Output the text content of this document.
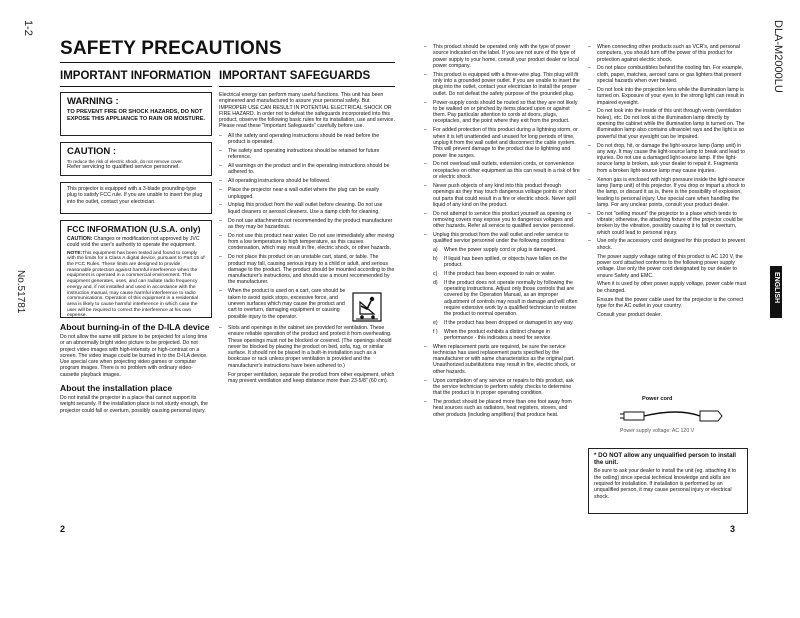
1-2
No.51781
DLA-M2000LU
ENGLISH
SAFETY PRECAUTIONS
IMPORTANT INFORMATION IMPORTANT SAFEGUARDS
WARNING :
TO PREVENT FIRE OR SHOCK HAZARDS, DO NOT EXPOSE THIS APPLIANCE TO RAIN OR MOISTURE.
CAUTION :
To reduce the risk of electric shock, do not remove cover.
Refer servicing to qualified service personnel.
This projector is equipped with a 3-blade grounding-type plug to satisfy FCC rule. If you are unable to insert the plug into the outlet, contact your electrician.
FCC INFORMATION (U.S.A. only)
CAUTION: Changes or modification not approved by JVC could void the user's authority to operate the equipment.
NOTE:This equipment has been tested and found to comply with the limits for a Class A digital device, pursuant to Part 15 of the FCC Rules. These limits are designed to provide reasonable protection against harmful interference when the equipment is operated in a commercial environment. This equipment generates, uses, and can radiate radio frequency energy and, if not installed and used in accordance with the instruction manual, may cause harmful interference to radio communications. Operation of this equipment in a residential area is likely to cause harmful interference in which case the user will be required to correct the interference at his own expense.
About burning-in of the D-ILA device
Do not allow the same still picture to be projected for a long time or an abnormally bright video picture to be projected. Do not project video images with high-intensity or high-contrast on a screen. The video image could be burned in to the D-ILA device. Use special care when projecting video games or computer program images. There is no problem with ordinary video-cassette playback images.
About the installation place
Do not install the projector in a place that cannot support its weight securely. If the installation place is not sturdy enough, the projector could fall or overturn, possibly causing personal injury.
Electrical energy can perform many useful functions. This unit has been engineered and manufactured to assure your personal safety. But IMPROPER USE CAN RESULT IN POTENTIAL ELECTRICAL SHOCK OR FIRE HAZARD. In order not to defeat the safeguards incorporated into this product, observe the following basic rules for its installation, use and service. Please read these "Important Safeguards" carefully before use.
–	All the safety and operating instructions should be read before the product is operated.
–	The safety and operating instructions should be retained for future reference.
–	All warnings on the product and in the operating instructions should be adhered to.
–	All operating instructions should be followed.
–	Place the projector near a wall outlet where the plug can be easily unplugged.
–	Unplug this product from the wall outlet before cleaning. Do not use liquid cleaners or aerosol cleaners. Use a damp cloth for cleaning.
–	Do not use attachments not recommended by the product manufacturer as they may be hazardous.
–	Do not use this product near water. Do not use immediately after moving from a low temperature to high temperature, as this causes condensation, which may result in fire, electric shock, or other hazards.
–	Do not place this product on an unstable cart, stand, or table. The product may fall, causing serious injury to a child or adult, and serious damage to the product. The product should be mounted according to the manufacturer's instructions, and should use a mount recommended by the manufacturer.
–	When the product is used on a cart, care should be taken to avoid quick stops, excessive force, and uneven surfaces which may cause the product and cart to overturn, damaging equipment or causing possible injury to the operator.
–	Slots and openings in the cabinet are provided for ventilation. These ensure reliable operation of the product and protect it from overheating. These openings must not be blocked or covered. (The openings should never be blocked by placing the product on bed, sofa, rug, or similar surface. It should not be placed in a built-in installation such as a bookcase or rack unless proper ventilation is provided and the manufacturer's instructions have been adhered to.)
For proper ventilation, separate the product from other equipment, which may prevent ventilation and keep distance more than 23-5/8" (60 cm).
2
–	This product should be operated only with the type of power source indicated on the label. If you are not sure of the type of power supply to your home, consult your product dealer or local power company.
–	This product is equipped with a three-wire plug. This plug will fit only into a grounded power outlet. If you are unable to insert the plug into the outlet, contact your electrician to install the proper outlet. Do not defeat the safety purpose of the grounded plug.
–	Power-supply cords should be routed so that they are not likely to be walked on or pinched by items placed upon or against them. Pay particular attention to cords at doors, plugs, receptacles, and the point where they exit from the product.
–	For added protection of this product during a lightning storm, or when it is left unattended and unused for long periods of time, unplug it from the wall outlet and disconnect the cable system. This will prevent damage to the product due to lightning and power line surges.
–	Do not overload wall outlets, extension cords, or convenience receptacles on other equipment as this can result in a risk of fire or electric shock.
–	Never push objects of any kind into this product through openings as they may touch dangerous voltage points or short out parts that could result in a fire or electric shock. Never spill liquid of any kind on the product.
–	Do not attempt to service this product yourself as opening or removing covers may expose you to dangerous voltages and other hazards. Refer all service to qualified service personnel.
–	Unplug this product from the wall outlet and refer service to qualified service personnel under the following conditions:
a)	When the power supply cord or plug is damaged.
b)	If liquid has been spilled, or objects have fallen on the product.
c)	If the product has been exposed to rain or water.
d)	If the product does not operate normally by following the operating instructions. Adjust only those controls that are covered by the Operation Manual, as an improper adjustment of controls may result in damage and will often require extensive work by a qualified technician to restore the product to normal operation.
e)	If the product has been dropped or damaged in any way.
f )	When the product exhibits a distinct change in performance - this indicates a need for service.
–	When replacement parts are required, be sure the service technician has used replacement parts specified by the manufacturer or with same characteristics as the original part. Unauthorized substitutions may result in fire, electric shock, or other hazards.
–	Upon completion of any service or repairs to this product, ask the service technician to perform safety checks to determine that the product is in proper operating condition.
–	The product should be placed more than one foot away from heat sources such as radiators, heat registers, stoves, and other products (including amplifiers) that produce heat.
–	When connecting other products such as VCR's, and personal computers, you should turn off the power of this product for protection against electric shock.
–	Do not place combustibles behind the cooling fan. For example, cloth, paper, matches, aerosol cans or gas lighters that present special hazards when over heated.
–	Do not look into the projection lens while the illumination lamp is turned on. Exposure of your eyes to the strong light can result in impaired eyesight.
–	Do not look into the inside of this unit through vents (ventilation holes), etc. Do not look at the illumination lamp directly by opening the cabinet while the illumination lamp is turned on. The illumination lamp also contains ultraviolet rays and the light is so powerful that your eyesight can be impaired.
–	Do not drop, hit, or damage the light-source lamp (lamp unit) in any way. It may cause the light-source lamp to break and lead to injuries. Do not use a damaged light-source lamp. If the light-source lamp is broken, ask your dealer to repair it. Fragments from a broken light-source lamp may cause injuries.
–	Xenon gas is enclosed with high pressure inside the light-source lamp (lamp unit) of this projector. If you drop or impart a shock to the lamp, or discard it as is, there is the possibility of explosion, leading to personal injury. Use special care when handling the lamp. For any unclear points, consult your product dealer.
–	Do not "ceiling mount" the projector to a place which tends to vibrate; otherwise, the attaching fixture of the projector could be broken by the vibration, possibly causing it to fall or overturn, which could lead to personal injury.
–	Use only the accessory cord designed for this product to prevent shock.
The power supply voltage rating of this product is AC 120 V, the power cord attached conforms to the following power supply voltage. Use only the power cord designated by our dealer to ensure Safety and EMC.
When it is used by other power supply voltage, power cable must be changed.
Ensure that the power cable used for the projector is the correct type for the AC outlet in your country.
Consult your product dealer.
Power cord
Power supply voltage: AC 120 V
* DO NOT allow any unqualified person to install the unit.
Be sure to ask your dealer to install the unit (eg. attaching it to the ceiling) since special technical knowledge and skills are required for installation. If installation is performed by an unqualified person, it may cause personal injury or electrical shock.
3
